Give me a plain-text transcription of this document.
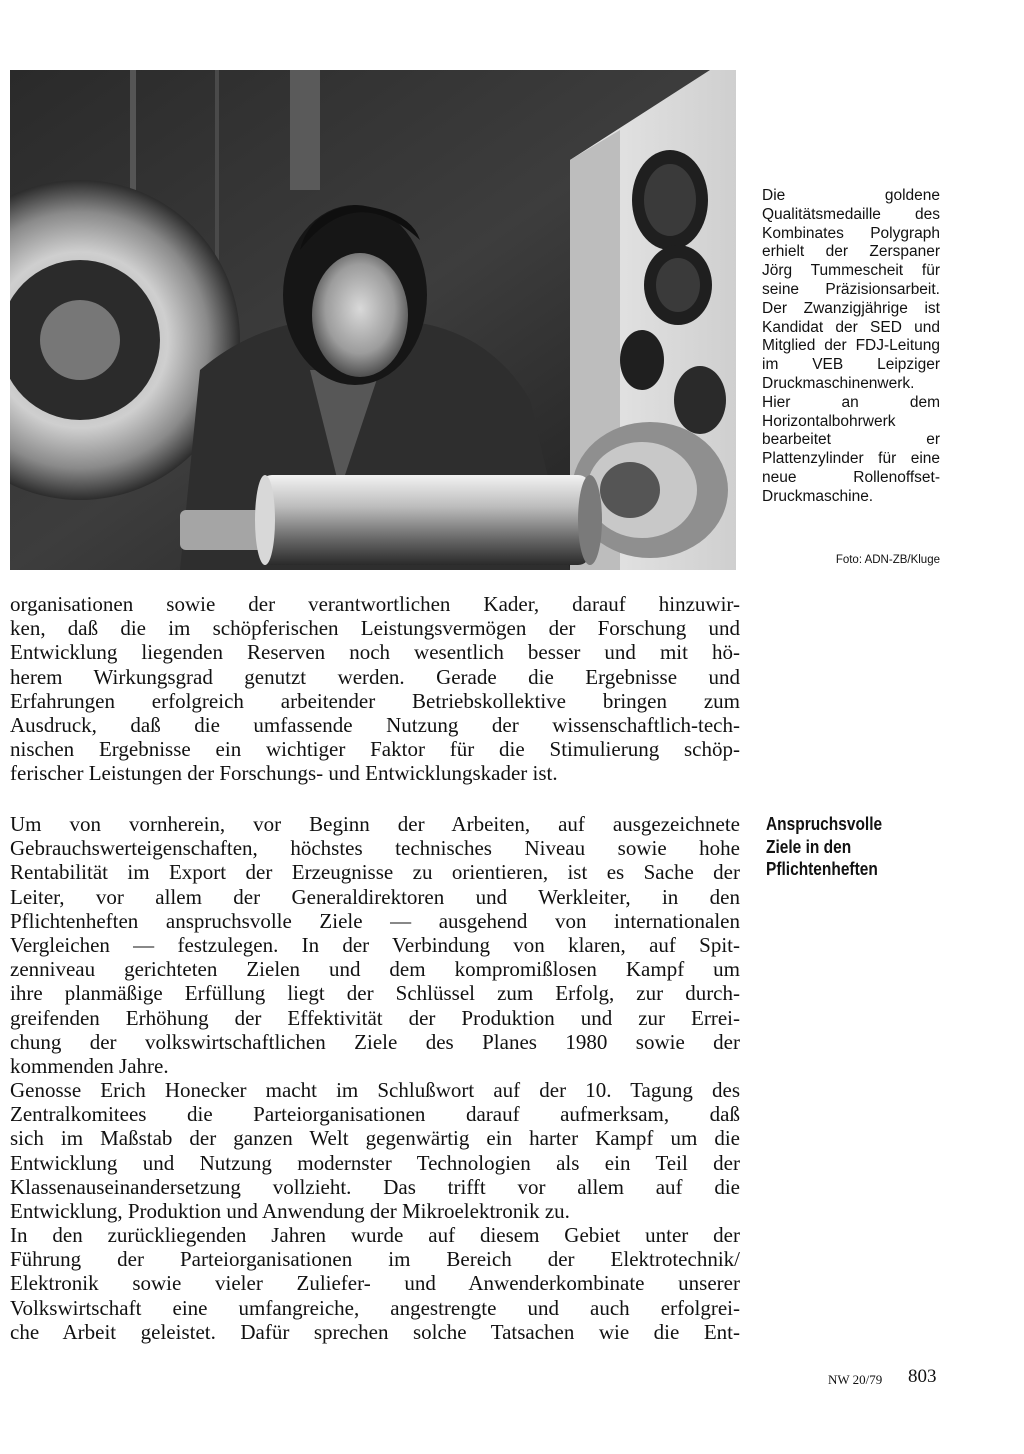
Die goldene Qualitätsmedaille des Kombinates Polygraph erhielt der Zerspaner Jörg Tummescheit für seine Präzisionsarbeit. Der Zwanzigjährige ist Kandidat der SED und Mitglied der FDJ-Leitung im VEB Leipziger Druckmaschinenwerk. Hier an dem Horizontalbohrwerk bearbeitet er Plattenzylinder für eine neue Rollenoffset-Druckmaschine.
Foto: ADN-ZB/Kluge
organisationen sowie der verantwortlichen Kader, darauf hinzuwir-
ken, daß die im schöpferischen Leistungsvermögen der Forschung und
Entwicklung liegenden Reserven noch wesentlich besser und mit hö-
herem Wirkungsgrad genutzt werden. Gerade die Ergebnisse und
Erfahrungen erfolgreich arbeitender Betriebskollektive bringen zum
Ausdruck, daß die umfassende Nutzung der wissenschaftlich-tech-
nischen Ergebnisse ein wichtiger Faktor für die Stimulierung schöp-
ferischer Leistungen der Forschungs- und Entwicklungskader ist.
Anspruchsvolle
Ziele in den
Pflichtenheften
Um von vornherein, vor Beginn der Arbeiten, auf ausgezeichnete
Gebrauchswerteigenschaften, höchstes technisches Niveau sowie hohe
Rentabilität im Export der Erzeugnisse zu orientieren, ist es Sache der
Leiter, vor allem der Generaldirektoren und Werkleiter, in den
Pflichtenheften anspruchsvolle Ziele — ausgehend von internationalen
Vergleichen — festzulegen. In der Verbindung von klaren, auf Spit-
zenniveau gerichteten Zielen und dem kompromißlosen Kampf um
ihre planmäßige Erfüllung liegt der Schlüssel zum Erfolg, zur durch-
greifenden Erhöhung der Effektivität der Produktion und zur Errei-
chung der volkswirtschaftlichen Ziele des Planes 1980 sowie der
kommenden Jahre.
Genosse Erich Honecker macht im Schlußwort auf der 10. Tagung des
Zentralkomitees die Parteiorganisationen darauf aufmerksam, daß
sich im Maßstab der ganzen Welt gegenwärtig ein harter Kampf um die
Entwicklung und Nutzung modernster Technologien als ein Teil der
Klassenauseinandersetzung vollzieht. Das trifft vor allem auf die
Entwicklung, Produktion und Anwendung der Mikroelektronik zu.
In den zurückliegenden Jahren wurde auf diesem Gebiet unter der
Führung der Parteiorganisationen im Bereich der Elektrotechnik/
Elektronik sowie vieler Zuliefer- und Anwenderkombinate unserer
Volkswirtschaft eine umfangreiche, angestrengte und auch erfolgrei-
che Arbeit geleistet. Dafür sprechen solche Tatsachen wie die Ent-
NW 20/79 803
